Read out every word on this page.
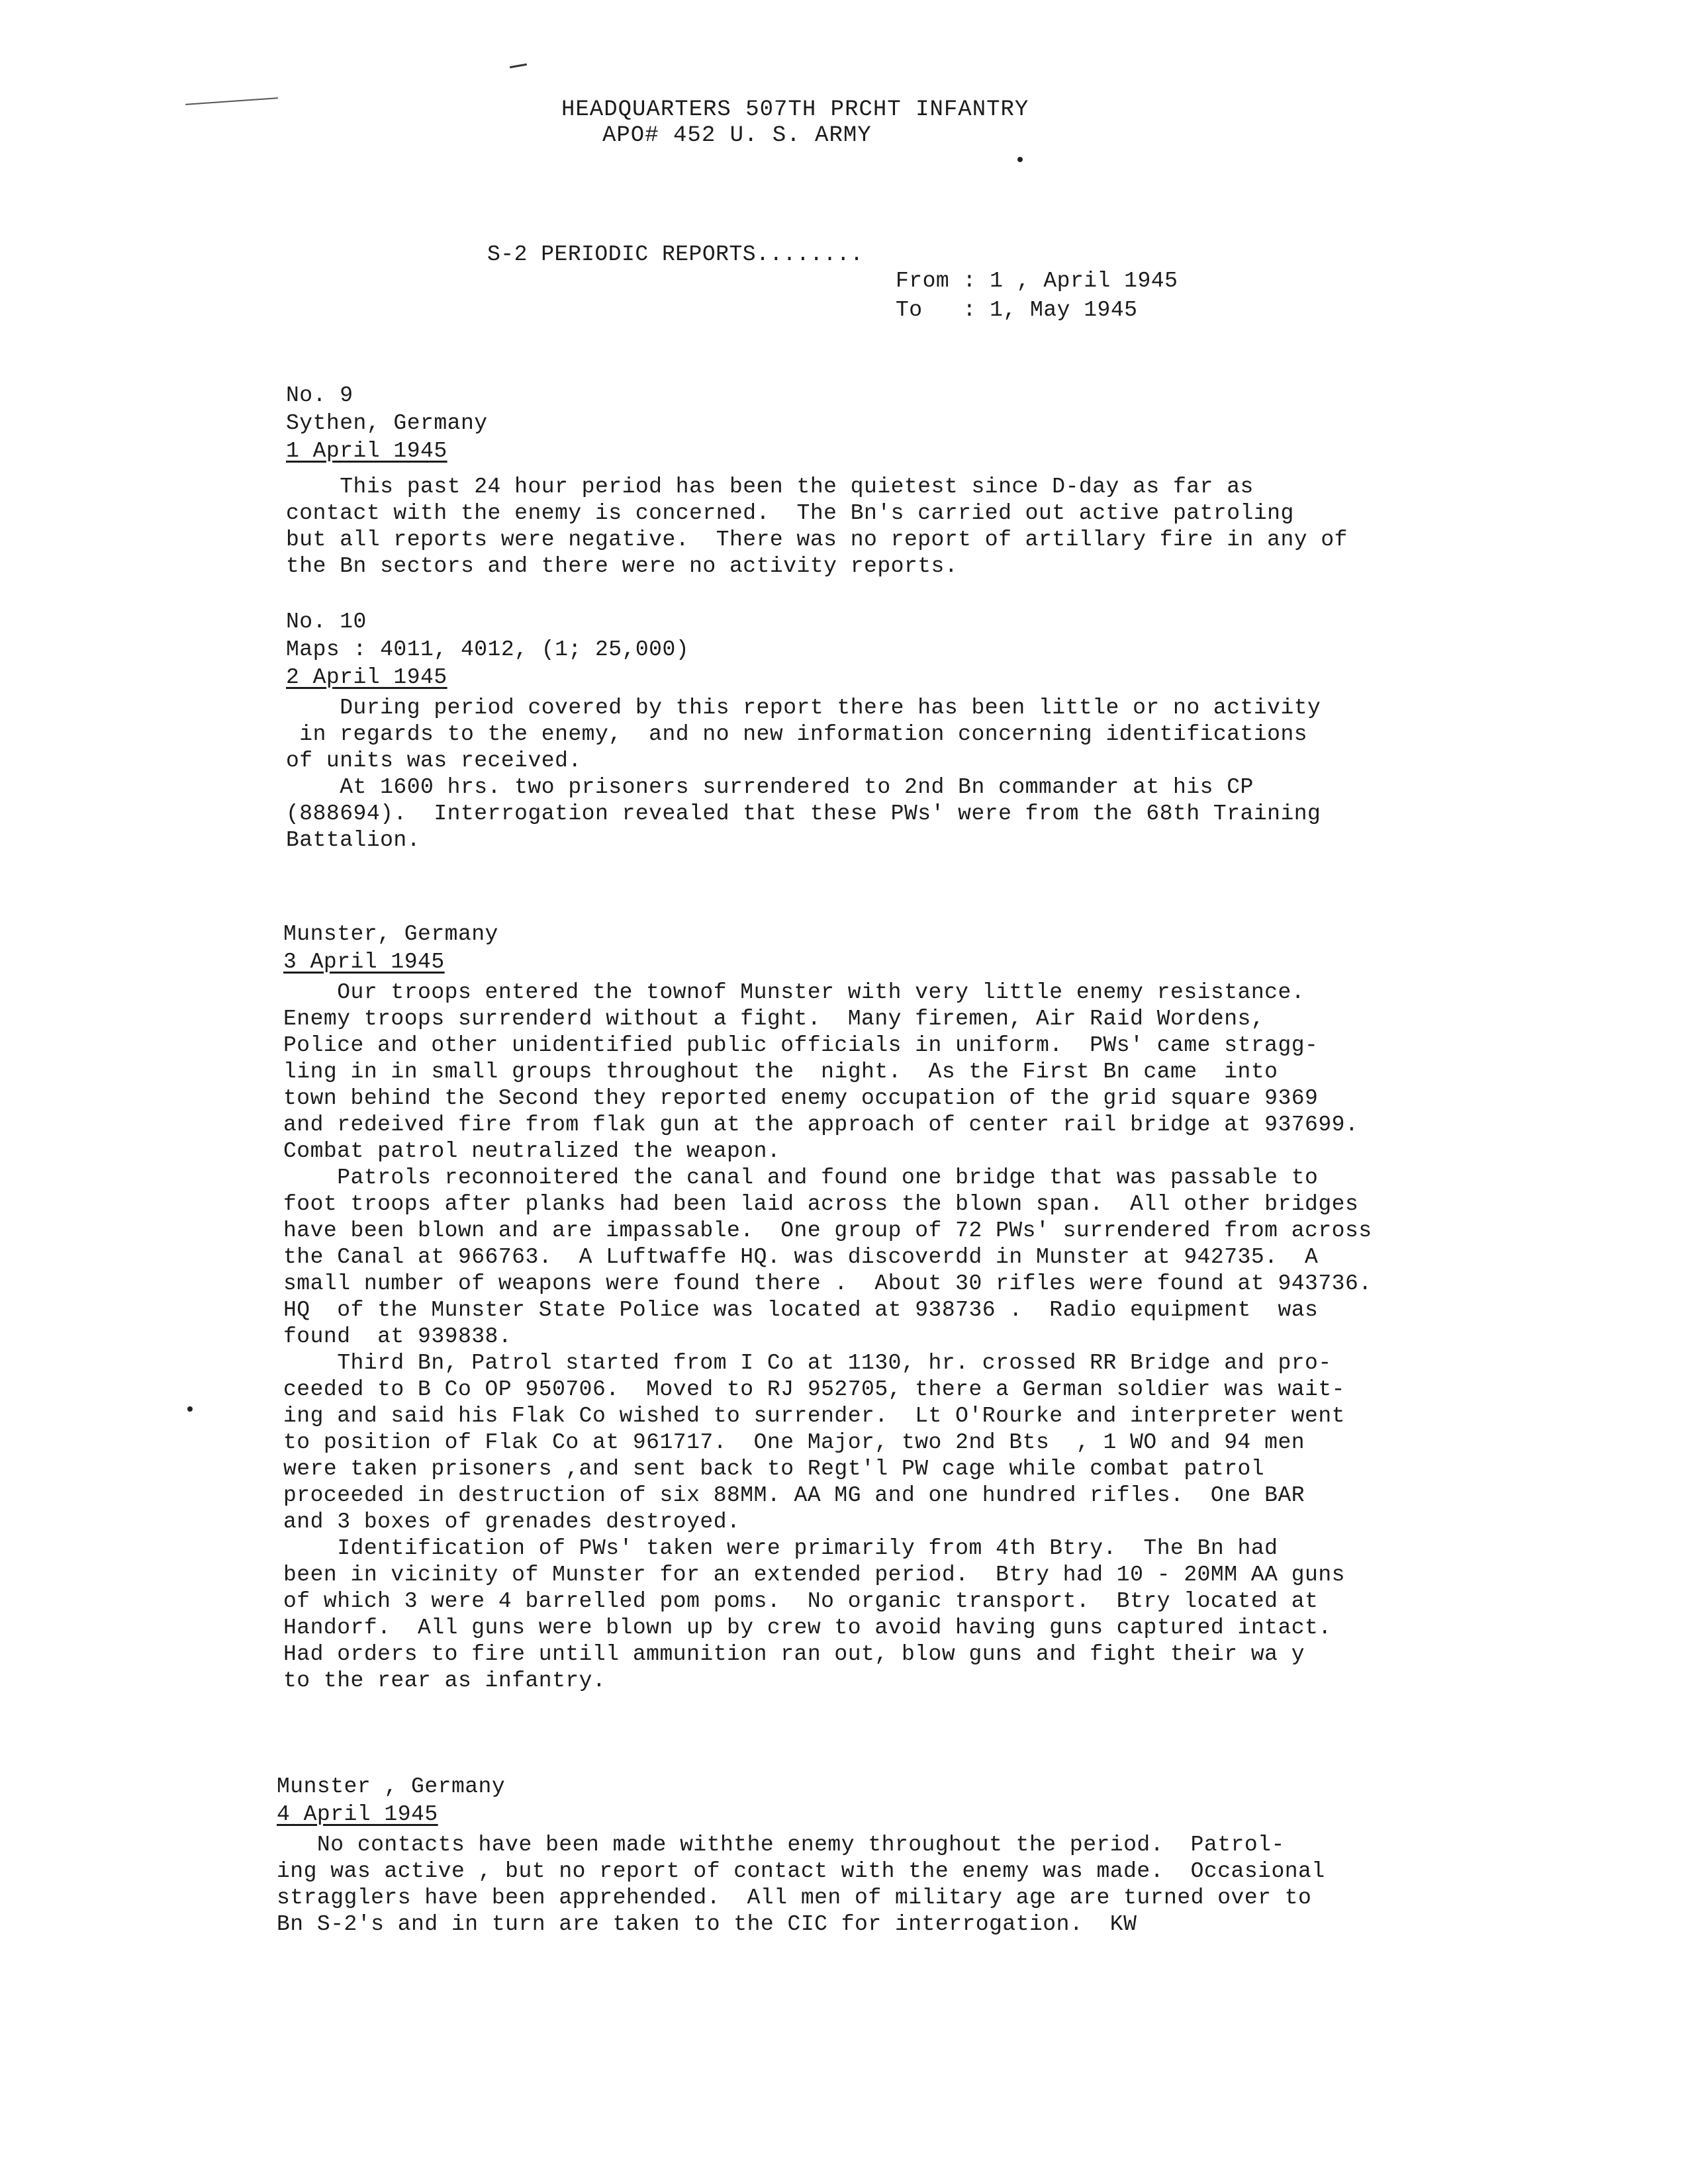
HEADQUARTERS 507TH PRCHT INFANTRY
APO# 452 U. S. ARMY
S-2 PERIODIC REPORTS........
From : 1 , April 1945
To   : 1, May 1945
No. 9
Sythen, Germany
1 April 1945
This past 24 hour period has been the quietest since D-day as far as
contact with the enemy is concerned.  The Bn's carried out active patroling
but all reports were negative.  There was no report of artillary fire in any of
the Bn sectors and there were no activity reports.
No. 10
Maps : 4011, 4012, (1; 25,000)
2 April 1945
During period covered by this report there has been little or no activity
in regards to the enemy,  and no new information concerning identifications
of units was received.
At 1600 hrs. two prisoners surrendered to 2nd Bn commander at his CP
(888694).  Interrogation revealed that these PWs' were from the 68th Training
Battalion.
Munster, Germany
3 April 1945
Our troops entered the townof Munster with very little enemy resistance.
Enemy troops surrenderd without a fight.  Many firemen, Air Raid Wordens,
Police and other unidentified public officials in uniform.  PWs' came stragg-
ling in in small groups throughout the  night.  As the First Bn came  into
town behind the Second they reported enemy occupation of the grid square 9369
and redeived fire from flak gun at the approach of center rail bridge at 937699.
Combat patrol neutralized the weapon.
Patrols reconnoitered the canal and found one bridge that was passable to
foot troops after planks had been laid across the blown span.  All other bridges
have been blown and are impassable.  One group of 72 PWs' surrendered from across
the Canal at 966763.  A Luftwaffe HQ. was discoverdd in Munster at 942735.  A
small number of weapons were found there .  About 30 rifles were found at 943736.
HQ  of the Munster State Police was located at 938736 .  Radio equipment  was
found  at 939838.
Third Bn, Patrol started from I Co at 1130, hr. crossed RR Bridge and pro-
ceeded to B Co OP 950706.  Moved to RJ 952705, there a German soldier was wait-
ing and said his Flak Co wished to surrender.  Lt O'Rourke and interpreter went
to position of Flak Co at 961717.  One Major, two 2nd Bts  , 1 WO and 94 men
were taken prisoners ,and sent back to Regt'l PW cage while combat patrol
proceeded in destruction of six 88MM. AA MG and one hundred rifles.  One BAR
and 3 boxes of grenades destroyed.
Identification of PWs' taken were primarily from 4th Btry.  The Bn had
been in vicinity of Munster for an extended period.  Btry had 10 - 20MM AA guns
of which 3 were 4 barrelled pom poms.  No organic transport.  Btry located at
Handorf.  All guns were blown up by crew to avoid having guns captured intact.
Had orders to fire untill ammunition ran out, blow guns and fight their wa y
to the rear as infantry.
Munster , Germany
4 April 1945
No contacts have been made withthe enemy throughout the period.  Patrol-
ing was active , but no report of contact with the enemy was made.  Occasional
stragglers have been apprehended.  All men of military age are turned over to
Bn S-2's and in turn are taken to the CIC for interrogation.  KW
